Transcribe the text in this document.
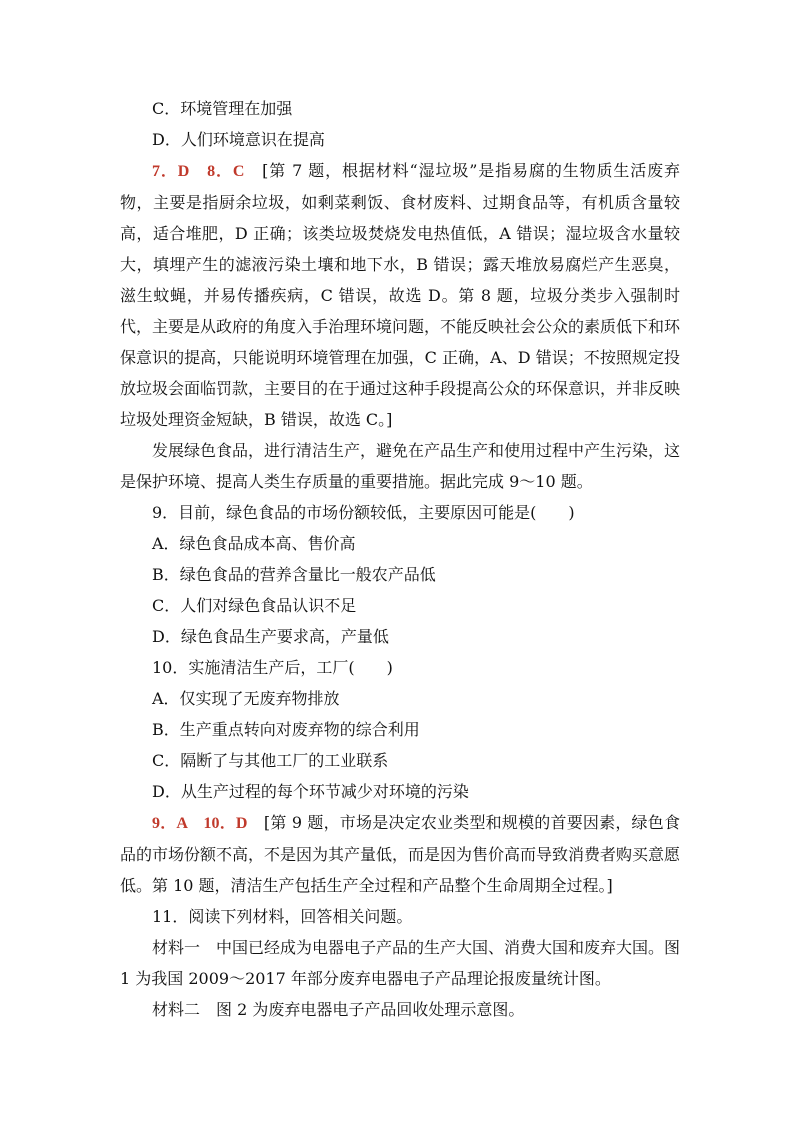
C．环境管理在加强

D．人们环境意识在提高

7．D　8．C　 [第 7 题，根据材料“湿垃圾”是指易腐的生物质生活废弃物，主要是指厨余垃圾，如剩菜剩饭、食材废料、过期食品等，有机质含量较高，适合堆肥，D 正确；该类垃圾焚烧发电热值低，A 错误；湿垃圾含水量较大，填埋产生的滤液污染土壤和地下水，B 错误；露天堆放易腐烂产生恶臭，滋生蚊蝇，并易传播疾病，C 错误，故选 D。第 8 题，垃圾分类步入强制时代，主要是从政府的角度入手治理环境问题，不能反映社会公众的素质低下和环保意识的提高，只能说明环境管理在加强，C 正确，A、D 错误；不按照规定投放垃圾会面临罚款，主要目的在于通过这种手段提高公众的环保意识，并非反映垃圾处理资金短缺，B 错误，故选 C。]

发展绿色食品，进行清洁生产，避免在产品生产和使用过程中产生污染，这是保护环境、提高人类生存质量的重要措施。据此完成 9～10 题。

9．目前，绿色食品的市场份额较低，主要原因可能是(　　)

A．绿色食品成本高、售价高

B．绿色食品的营养含量比一般农产品低

C．人们对绿色食品认识不足

D．绿色食品生产要求高，产量低

10．实施清洁生产后，工厂(　　)

A．仅实现了无废弃物排放

B．生产重点转向对废弃物的综合利用

C．隔断了与其他工厂的工业联系

D．从生产过程的每个环节减少对环境的污染

9．A　10．D　 [第 9 题，市场是决定农业类型和规模的首要因素，绿色食品的市场份额不高，不是因为其产量低，而是因为售价高而导致消费者购买意愿低。第 10 题，清洁生产包括生产全过程和产品整个生命周期全过程。]

11．阅读下列材料，回答相关问题。

材料一　中国已经成为电器电子产品的生产大国、消费大国和废弃大国。图 1 为我国 2009～2017 年部分废弃电器电子产品理论报废量统计图。

材料二　图 2 为废弃电器电子产品回收处理示意图。
